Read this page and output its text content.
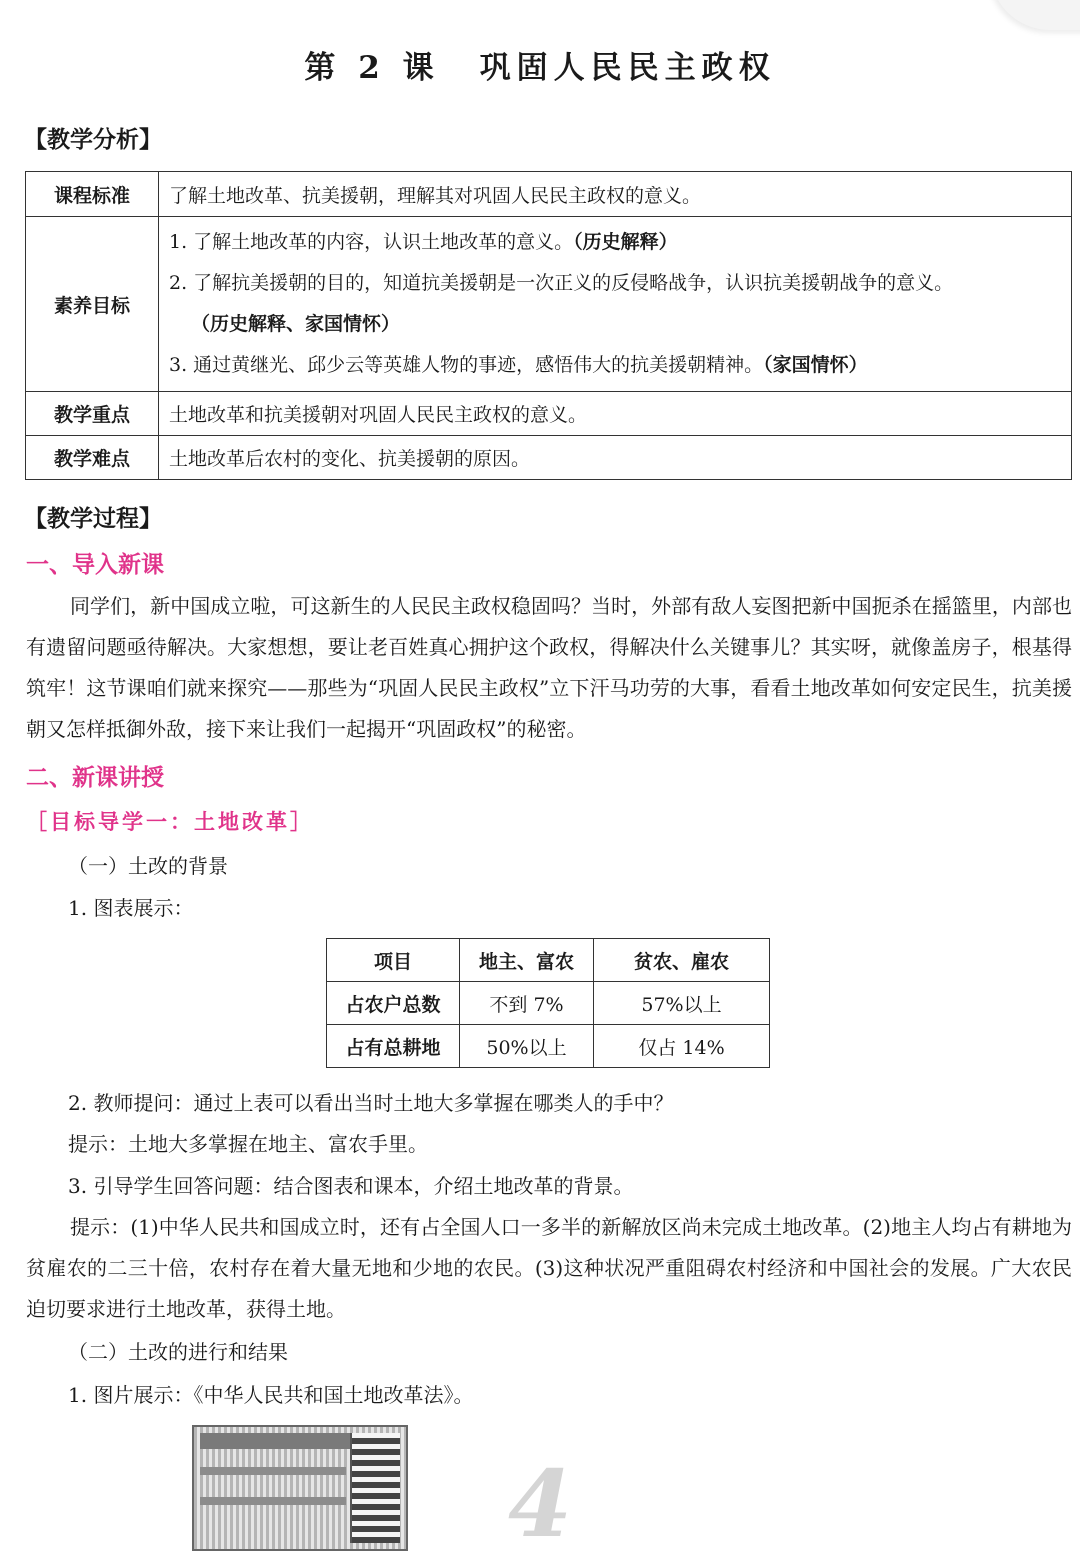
第 2 课 巩固人民民主政权
【教学分析】
课程标准	了解土地改革、抗美援朝，理解其对巩固人民民主政权的意义。
素养目标	1. 了解土地改革的内容，认识土地改革的意义。（历史解释）
2. 了解抗美援朝的目的，知道抗美援朝是一次正义的反侵略战争，认识抗美援朝战争的意义。
（历史解释、家国情怀）
3. 通过黄继光、邱少云等英雄人物的事迹，感悟伟大的抗美援朝精神。（家国情怀）

教学重点	土地改革和抗美援朝对巩固人民民主政权的意义。
教学难点	土地改革后农村的变化、抗美援朝的原因。
【教学过程】
一、导入新课

同学们，新中国成立啦，可这新生的人民民主政权稳固吗？当时，外部有敌人妄图把新中国扼杀在摇篮里，内部也有遗留问题亟待解决。大家想想，要让老百姓真心拥护这个政权，得解决什么关键事儿？其实呀，就像盖房子，根基得筑牢！这节课咱们就来探究——那些为“巩固人民民主政权”立下汗马功劳的大事，看看土地改革如何安定民生，抗美援朝又怎样抵御外敌，接下来让我们一起揭开“巩固政权”的秘密。

二、新课讲授
［目标导学一：土地改革］
（一）土改的背景
1. 图表展示：
项目	地主、富农	贫农、雇农
占农户总数	不到 7%	57%以上
占有总耕地	50%以上	仅占 14%
2. 教师提问：通过上表可以看出当时土地大多掌握在哪类人的手中？
提示：土地大多掌握在地主、富农手里。
3. 引导学生回答问题：结合图表和课本，介绍土地改革的背景。

提示：(1)中华人民共和国成立时，还有占全国人口一多半的新解放区尚未完成土地改革。(2)地主人均占有耕地为贫雇农的二三十倍，农村存在着大量无地和少地的农民。(3)这种状况严重阻碍农村经济和中国社会的发展。广大农民迫切要求进行土地改革，获得土地。

（二）土改的进行和结果
1. 图片展示：《中华人民共和国土地改革法》。
4
